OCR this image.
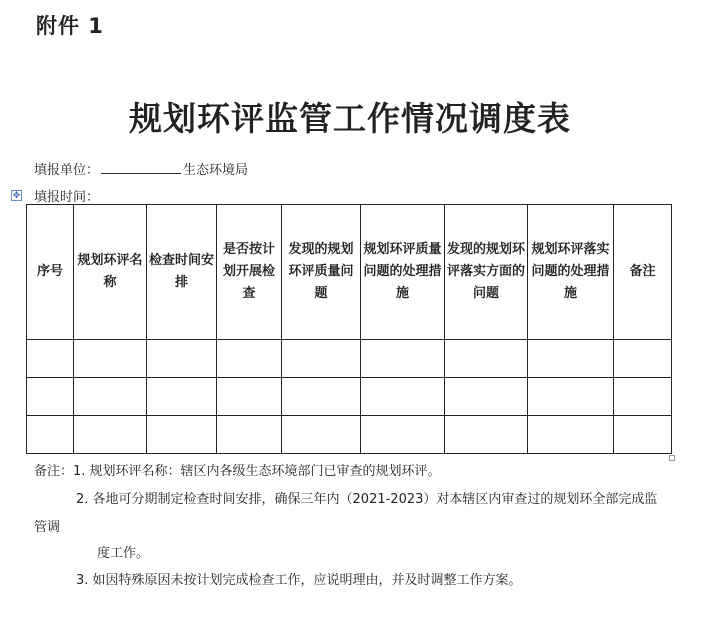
附件 1
规划环评监管工作情况调度表
填报单位：	生态环境局
✥ 填报时间：
序号	规划环评名称	检查时间安排	是否按计划开展检查	发现的规划环评质量问题	规划环评质量问题的处理措施	发现的规划环评落实方面的问题	规划环评落实问题的处理措施	备注

备注：1. 规划环评名称：辖区内各级生态环境部门已审查的规划环评。
2. 各地可分期制定检查时间安排，确保三年内（2021-2023）对本辖区内审查过的规划环全部完成监
管调
度工作。
3. 如因特殊原因未按计划完成检查工作，应说明理由，并及时调整工作方案。
